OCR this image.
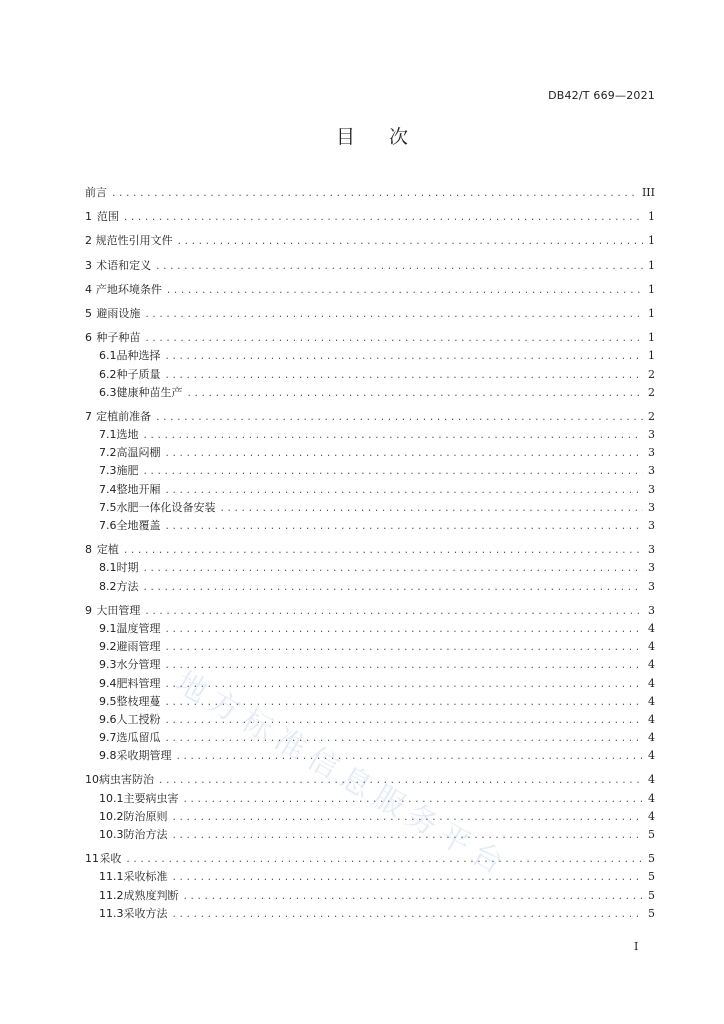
DB42/T 669—2021
目 次
前言 .....	III
1 范围 .....	1
2 规范性引用文件 .....	1
3 术语和定义 .....	1
4 产地环境条件 .....	1
5 避雨设施 .....	1
6 种子种苗 .....	1
6.1 品种选择 .....	1
6.2 种子质量 .....	2
6.3 健康种苗生产 .....	2
7 定植前准备 .....	2
7.1 选地 .....	3
7.2 高温闷棚 .....	3
7.3 施肥 .....	3
7.4 整地开厢 .....	3
7.5 水肥一体化设备安装 .....	3
7.6 全地覆盖 .....	3
8 定植 .....	3
8.1 时期 .....	3
8.2 方法 .....	3
9 大田管理 .....	3
9.1 温度管理 .....	4
9.2 避雨管理 .....	4
9.3 水分管理 .....	4
9.4 肥料管理 .....	4
9.5 整枝理蔓 .....	4
9.6 人工授粉 .....	4
9.7 选瓜留瓜 .....	4
9.8 采收期管理 .....	4
10 病虫害防治 .....	4
10.1 主要病虫害 .....	4
10.2 防治原则 .....	4
10.3 防治方法 .....	5
11 采收 .....	5
11.1 采收标准 .....	5
11.2 成熟度判断 .....	5
11.3 采收方法 .....	5
I
地方标准信息服务平台
